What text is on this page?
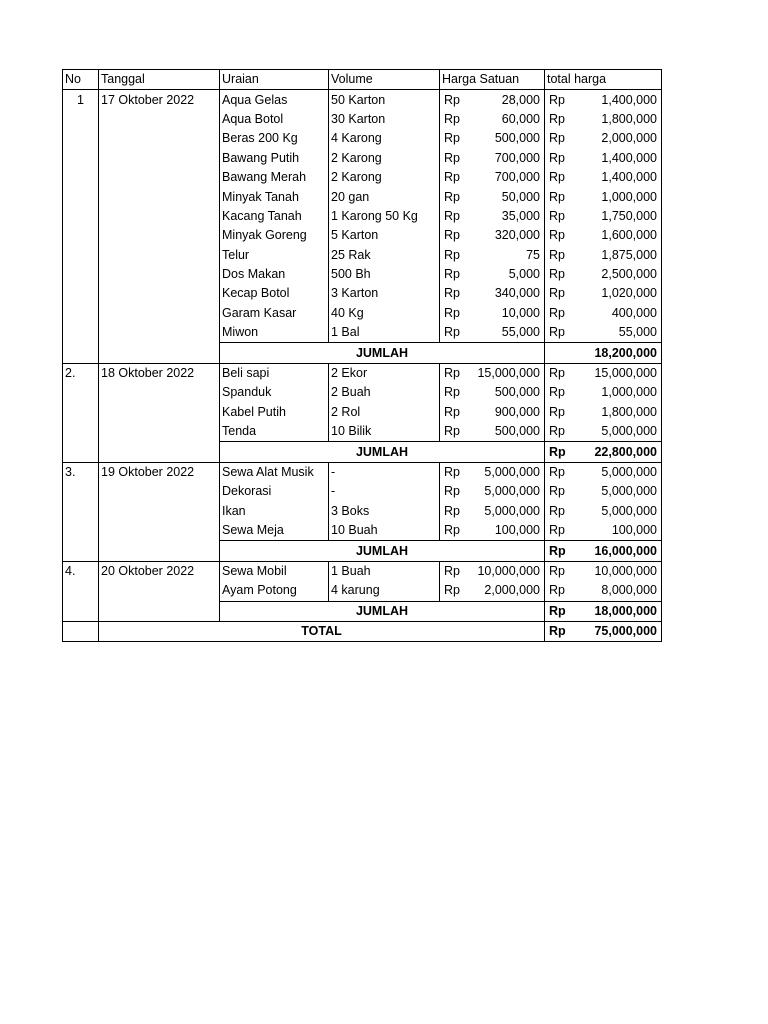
No	Tanggal	Uraian	Volume	Harga Satuan		total harga	
1	17 Oktober 2022	Aqua Gelas	50 Karton	Rp	28,000	Rp	1,400,000
		Aqua Botol	30 Karton	Rp	60,000	Rp	1,800,000
		Beras 200 Kg	4 Karong	Rp	500,000	Rp	2,000,000
		Bawang Putih	2 Karong	Rp	700,000	Rp	1,400,000
		Bawang Merah	2 Karong	Rp	700,000	Rp	1,400,000
		Minyak Tanah	20 gan	Rp	50,000	Rp	1,000,000
		Kacang Tanah	1 Karong 50 Kg	Rp	35,000	Rp	1,750,000
		Minyak Goreng	5 Karton	Rp	320,000	Rp	1,600,000
		Telur	25 Rak	Rp	75	Rp	1,875,000
		Dos Makan	500 Bh	Rp	5,000	Rp	2,500,000
		Kecap Botol	3 Karton	Rp	340,000	Rp	1,020,000
		Garam Kasar	40 Kg	Rp	10,000	Rp	400,000
		Miwon	1 Bal	Rp	55,000	Rp	55,000
		JUMLAH					18,200,000
2.	18 Oktober 2022	Beli sapi	2 Ekor	Rp	15,000,000	Rp	15,000,000
		Spanduk	2 Buah	Rp	500,000	Rp	1,000,000
		Kabel Putih	2 Rol	Rp	900,000	Rp	1,800,000
		Tenda	10 Bilik	Rp	500,000	Rp	5,000,000
		JUMLAH				Rp	22,800,000
3.	19 Oktober 2022	Sewa Alat Musik	-	Rp	5,000,000	Rp	5,000,000
		Dekorasi	-	Rp	5,000,000	Rp	5,000,000
		Ikan	3 Boks	Rp	5,000,000	Rp	5,000,000
		Sewa Meja	10 Buah	Rp	100,000	Rp	100,000
		JUMLAH				Rp	16,000,000
4.	20 Oktober 2022	Sewa Mobil	1 Buah	Rp	10,000,000	Rp	10,000,000
		Ayam Potong	4 karung	Rp	2,000,000	Rp	8,000,000
		JUMLAH				Rp	18,000,000
	TOTAL					Rp	75,000,000
